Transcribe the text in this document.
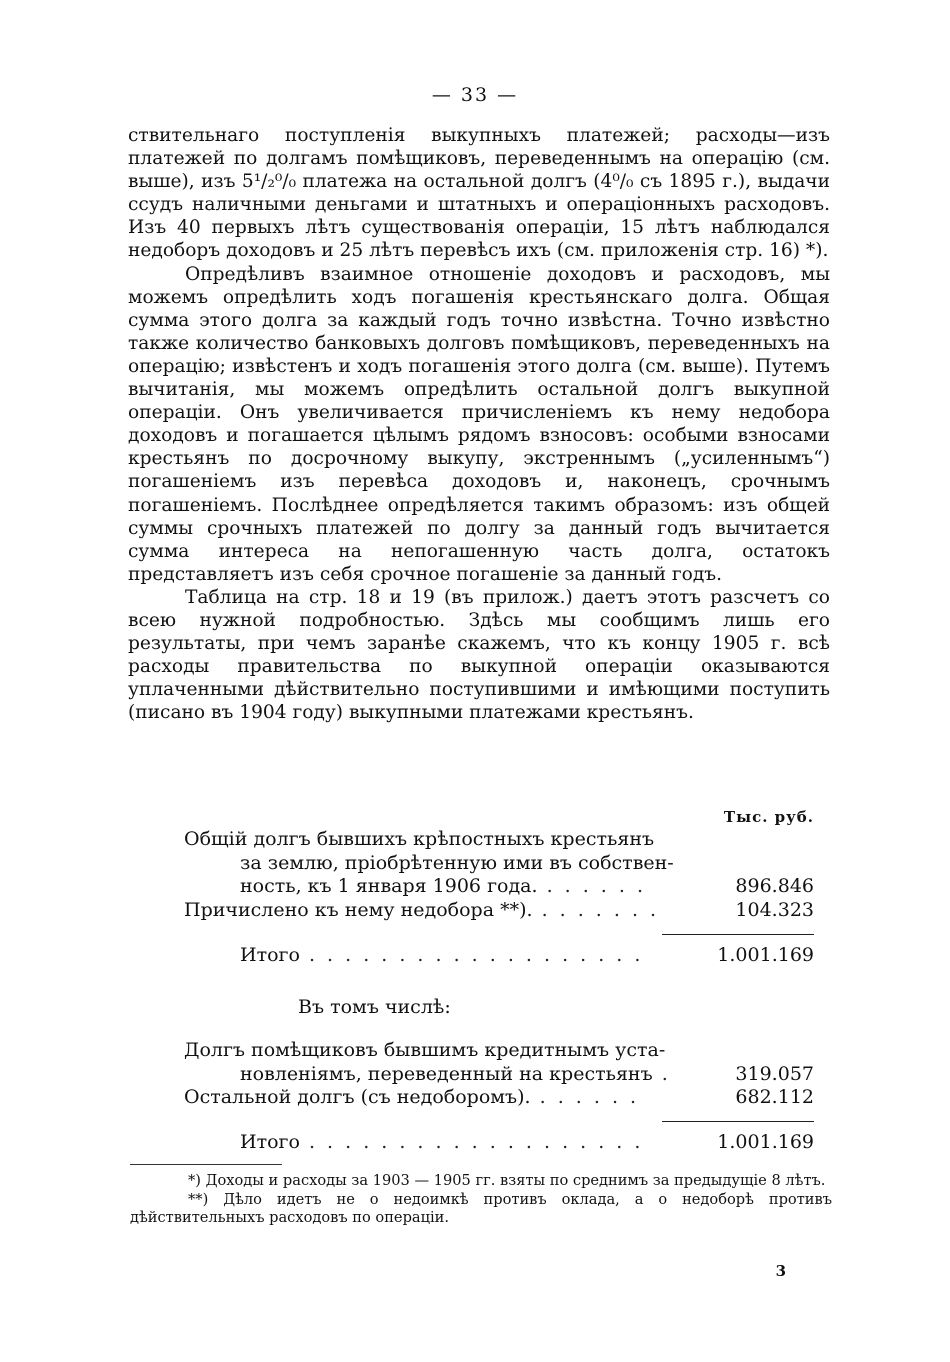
— 33 —

ствительнаго поступленія выкупныхъ платежей; расходы—изъ платежей по долгамъ помѣщиковъ, переведеннымъ на операцію (см. выше), изъ 5¹/₂⁰/₀ платежа на остальной долгъ (4⁰/₀ съ 1895 г.), выдачи ссудъ наличными деньгами и штатныхъ и операціонныхъ расходовъ. Изъ 40 первыхъ лѣтъ существованія операціи, 15 лѣтъ наблюдался недоборъ доходовъ и 25 лѣтъ перевѣсъ ихъ (см. приложенія стр. 16) *).

Опредѣливъ взаимное отношеніе доходовъ и расходовъ, мы можемъ опредѣлить ходъ погашенія крестьянскаго долга. Общая сумма этого долга за каждый годъ точно извѣстна. Точно извѣстно также количество банковыхъ долговъ помѣщиковъ, переведенныхъ на операцію; извѣстенъ и ходъ погашенія этого долга (см. выше). Путемъ вычитанія, мы можемъ опредѣлить остальной долгъ выкупной операціи. Онъ увеличивается причисленіемъ къ нему недобора доходовъ и погашается цѣлымъ рядомъ взносовъ: особыми взносами крестьянъ по досрочному выкупу, экстреннымъ („усиленнымъ“) погашеніемъ изъ перевѣса доходовъ и, наконецъ, срочнымъ погашеніемъ. Послѣднее опредѣляется такимъ образомъ: изъ общей суммы срочныхъ платежей по долгу за данный годъ вычитается сумма интереса на непогашенную часть долга, остатокъ представляетъ изъ себя срочное погашеніе за данный годъ.

Таблица на стр. 18 и 19 (въ прилож.) даетъ этотъ разсчетъ со всею нужной подробностью. Здѣсь мы сообщимъ лишь его результаты, при чемъ заранѣе скажемъ, что къ концу 1905 г. всѣ расходы правительства по выкупной операціи оказываются уплаченными дѣйствительно поступившими и имѣющими поступить (писано въ 1904 году) выкупными платежами крестьянъ.

Тыс. руб.
Общій долгъ бывшихъ крѣпостныхъ крестьянъ
за землю, пріобрѣтенную ими въ собствен-
ность, къ 1 января 1906 года. . . . . . .	896.846
Причислено къ нему недобора **). . . . . . . .	104.323
Итого . . . . . . . . . . . . . . . . . . .	1.001.169
Въ томъ числѣ:
Долгъ помѣщиковъ бывшимъ кредитнымъ уста-
новленіямъ, переведенный на крестьянъ .	319.057
Остальной долгъ (съ недоборомъ). . . . . . .	682.112
Итого . . . . . . . . . . . . . . . . . . .	1.001.169

*) Доходы и расходы за 1903 — 1905 гг. взяты по среднимъ за предыдущіе 8 лѣтъ.

**) Дѣло идетъ не о недоимкѣ противъ оклада, а о недоборѣ противъ дѣйствительныхъ расходовъ по операціи.

3
